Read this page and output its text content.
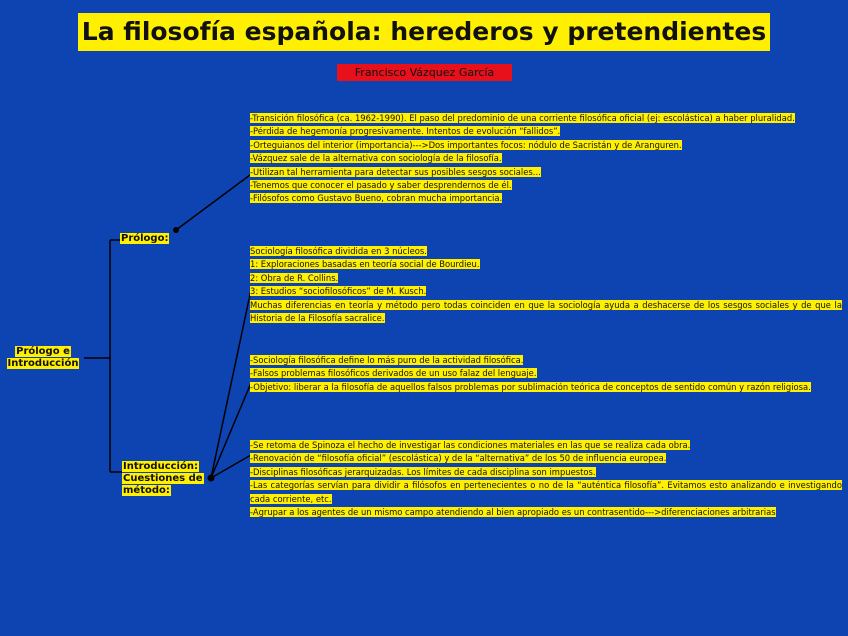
La filosofía española: herederos y pretendientes
Francisco Vázquez García
Prólogo e
Introducción
Prólogo:
Introducción:
Cuestiones de
método:
-Transición filosófica (ca. 1962-1990). El paso del predominio de una corriente filosófica oficial (ej: escolástica) a haber pluralidad.
-Pérdida de hegemonía progresivamente. Intentos de evolución “fallidos”.
-Orteguianos del interior (importancia)--->Dos importantes focos: nódulo de Sacristán y de Aranguren.
-Vázquez sale de la alternativa con sociología de la filosofía.
-Utilizan tal herramienta para detectar sus posibles sesgos sociales...
-Tenemos que conocer el pasado y saber desprendernos de él.
-Filósofos como Gustavo Bueno, cobran mucha importancia.
Sociología filosófica dividida en 3 núcleos.
1: Exploraciones basadas en teoría social de Bourdieu.
2: Obra de R. Collins.
3: Estudios “sociofilosóficos” de M. Kusch.
Muchas diferencias en teoría y método pero todas coinciden en que la sociología ayuda a deshacerse de los sesgos sociales y de que la Historia de la Filosofía sacralice.
-Sociología filosófica define lo más puro de la actividad filosófica.
-Falsos problemas filosóficos derivados de un uso falaz del lenguaje.
-Objetivo: liberar a la filosofía de aquellos falsos problemas por sublimación teórica de conceptos de sentido común y razón religiosa.
-Se retoma de Spinoza el hecho de investigar las condiciones materiales en las que se realiza cada obra.
-Renovación de “filosofía oficial” (escolástica) y de la “alternativa” de los 50 de influencia europea.
-Disciplinas filosóficas jerarquizadas. Los límites de cada disciplina son impuestos.
-Las categorías servían para dividir a filósofos en pertenecientes o no de la “auténtica filosofía”. Evitamos esto analizando e investigando cada corriente, etc.
-Agrupar a los agentes de un mismo campo atendiendo al bien apropiado es un contrasentido--->diferenciaciones arbitrarias
